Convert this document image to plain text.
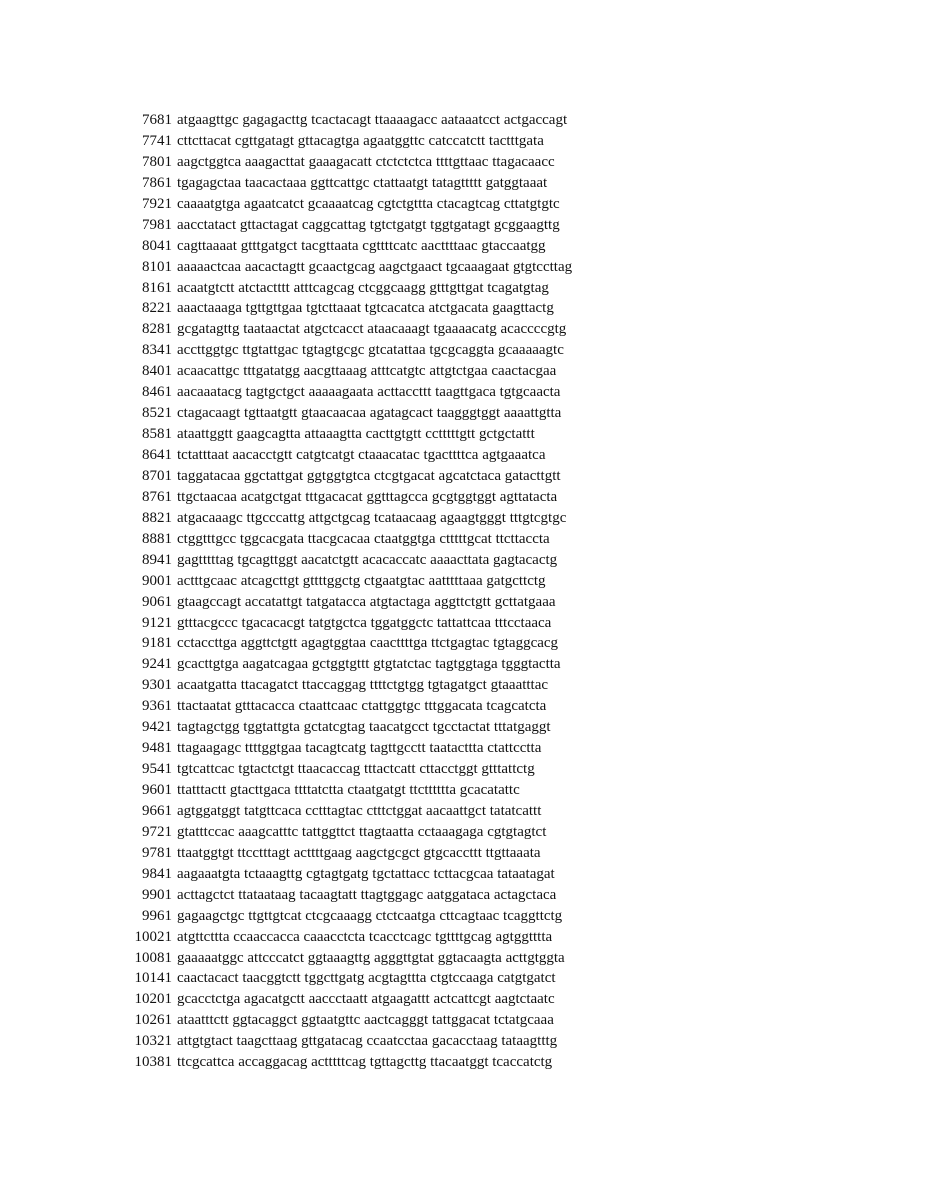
7681 atgaagttgc gagagacttg tcactacagt ttaaaagacc aataaatcct actgaccagt
7741 cttcttacat cgttgatagt gttacagtga agaatggttc catccatctt tactttgata
7801 aagctggtca aaagacttat gaaagacatt ctctctctca ttttgttaac ttagacaacc
7861 tgagagctaa taacactaaa ggttcattgc ctattaatgt tatagttttt gatggtaaat
7921 caaaatgtga agaatcatct gcaaaatcag cgtctgttta ctacagtcag cttatgtgtc
7981 aacctatact gttactagat caggcattag tgtctgatgt tggtgatagt gcggaagttg
8041 cagttaaaat gtttgatgct tacgttaata cgttttcatc aacttttaac gtaccaatgg
8101 aaaaactcaa aacactagtt gcaactgcag aagctgaact tgcaaagaat gtgtccttag
8161 acaatgtctt atctactttt atttcagcag ctcggcaagg gtttgttgat tcagatgtag
8221 aaactaaaga tgttgttgaa tgtcttaaat tgtcacatca atctgacata gaagttactg
8281 gcgatagttg taataactat atgctcacct ataacaaagt tgaaaacatg acaccccgtg
8341 accttggtgc ttgtattgac tgtagtgcgc gtcatattaa tgcgcaggta gcaaaaagtc
8401 acaacattgc tttgatatgg aacgttaaag atttcatgtc attgtctgaa caactacgaa
8461 aacaaatacg tagtgctgct aaaaagaata acttaccttt taagttgaca tgtgcaacta
8521 ctagacaagt tgttaatgtt gtaacaacaa agatagcact taagggtggt aaaattgtta
8581 ataattggtt gaagcagtta attaaagtta cacttgtgtt cctttttgtt gctgctattt
8641 tctatttaat aacacctgtt catgtcatgt ctaaacatac tgacttttca agtgaaatca
8701 taggatacaa ggctattgat ggtggtgtca ctcgtgacat agcatctaca gatacttgtt
8761 ttgctaacaa acatgctgat tttgacacat ggtttagcca gcgtggtggt agttatacta
8821 atgacaaagc ttgcccattg attgctgcag tcataacaag agaagtgggt tttgtcgtgc
8881 ctggtttgcc tggcacgata ttacgcacaa ctaatggtga ctttttgcat ttcttaccta
8941 gagtttttag tgcagttggt aacatctgtt acacaccatc aaaacttata gagtacactg
9001 actttgcaac atcagcttgt gttttggctg ctgaatgtac aatttttaaa gatgcttctg
9061 gtaagccagt accatattgt tatgatacca atgtactaga aggttctgtt gcttatgaaa
9121 gtttacgccc tgacacacgt tatgtgctca tggatggctc tattattcaa tttcctaaca
9181 cctaccttga aggttctgtt agagtggtaa caacttttga ttctgagtac tgtaggcacg
9241 gcacttgtga aagatcagaa gctggtgttt gtgtatctac tagtggtaga tgggtactta
9301 acaatgatta ttacagatct ttaccaggag ttttctgtgg tgtagatgct gtaaatttac
9361 ttactaatat gtttacacca ctaattcaac ctattggtgc tttggacata tcagcatcta
9421 tagtagctgg tggtattgta gctatcgtag taacatgcct tgcctactat tttatgaggt
9481 ttagaagagc ttttggtgaa tacagtcatg tagttgcctt taatacttta ctattcctta
9541 tgtcattcac tgtactctgt ttaacaccag tttactcatt cttacctggt gtttattctg
9601 ttatttactt gtacttgaca ttttatctta ctaatgatgt ttctttttta gcacatattc
9661 agtggatggt tatgttcaca cctttagtac ctttctggat aacaattgct tatatcattt
9721 gtatttccac aaagcatttc tattggttct ttagtaatta cctaaagaga cgtgtagtct
9781 ttaatggtgt ttcctttagt acttttgaag aagctgcgct gtgcaccttt ttgttaaata
9841 aagaaatgta tctaaagttg cgtagtgatg tgctattacc tcttacgcaa tataatagat
9901 acttagctct ttataataag tacaagtatt ttagtggagc aatggataca actagctaca
9961 gagaagctgc ttgttgtcat ctcgcaaagg ctctcaatga cttcagtaac tcaggttctg
10021 atgttcttta ccaaccacca caaacctcta tcacctcagc tgttttgcag agtggtttta
10081 gaaaaatggc attcccatct ggtaaagttg agggttgtat ggtacaagta acttgtggta
10141 caactacact taacggtctt tggcttgatg acgtagttta ctgtccaaga catgtgatct
10201 gcacctctga agacatgctt aaccctaatt atgaagattt actcattcgt aagtctaatc
10261 ataatttctt ggtacaggct ggtaatgttc aactcagggt tattggacat tctatgcaaa
10321 attgtgtact taagcttaag gttgatacag ccaatcctaa gacacctaag tataagtttg
10381 ttcgcattca accaggacag actttttcag tgttagcttg ttacaatggt tcaccatctg
